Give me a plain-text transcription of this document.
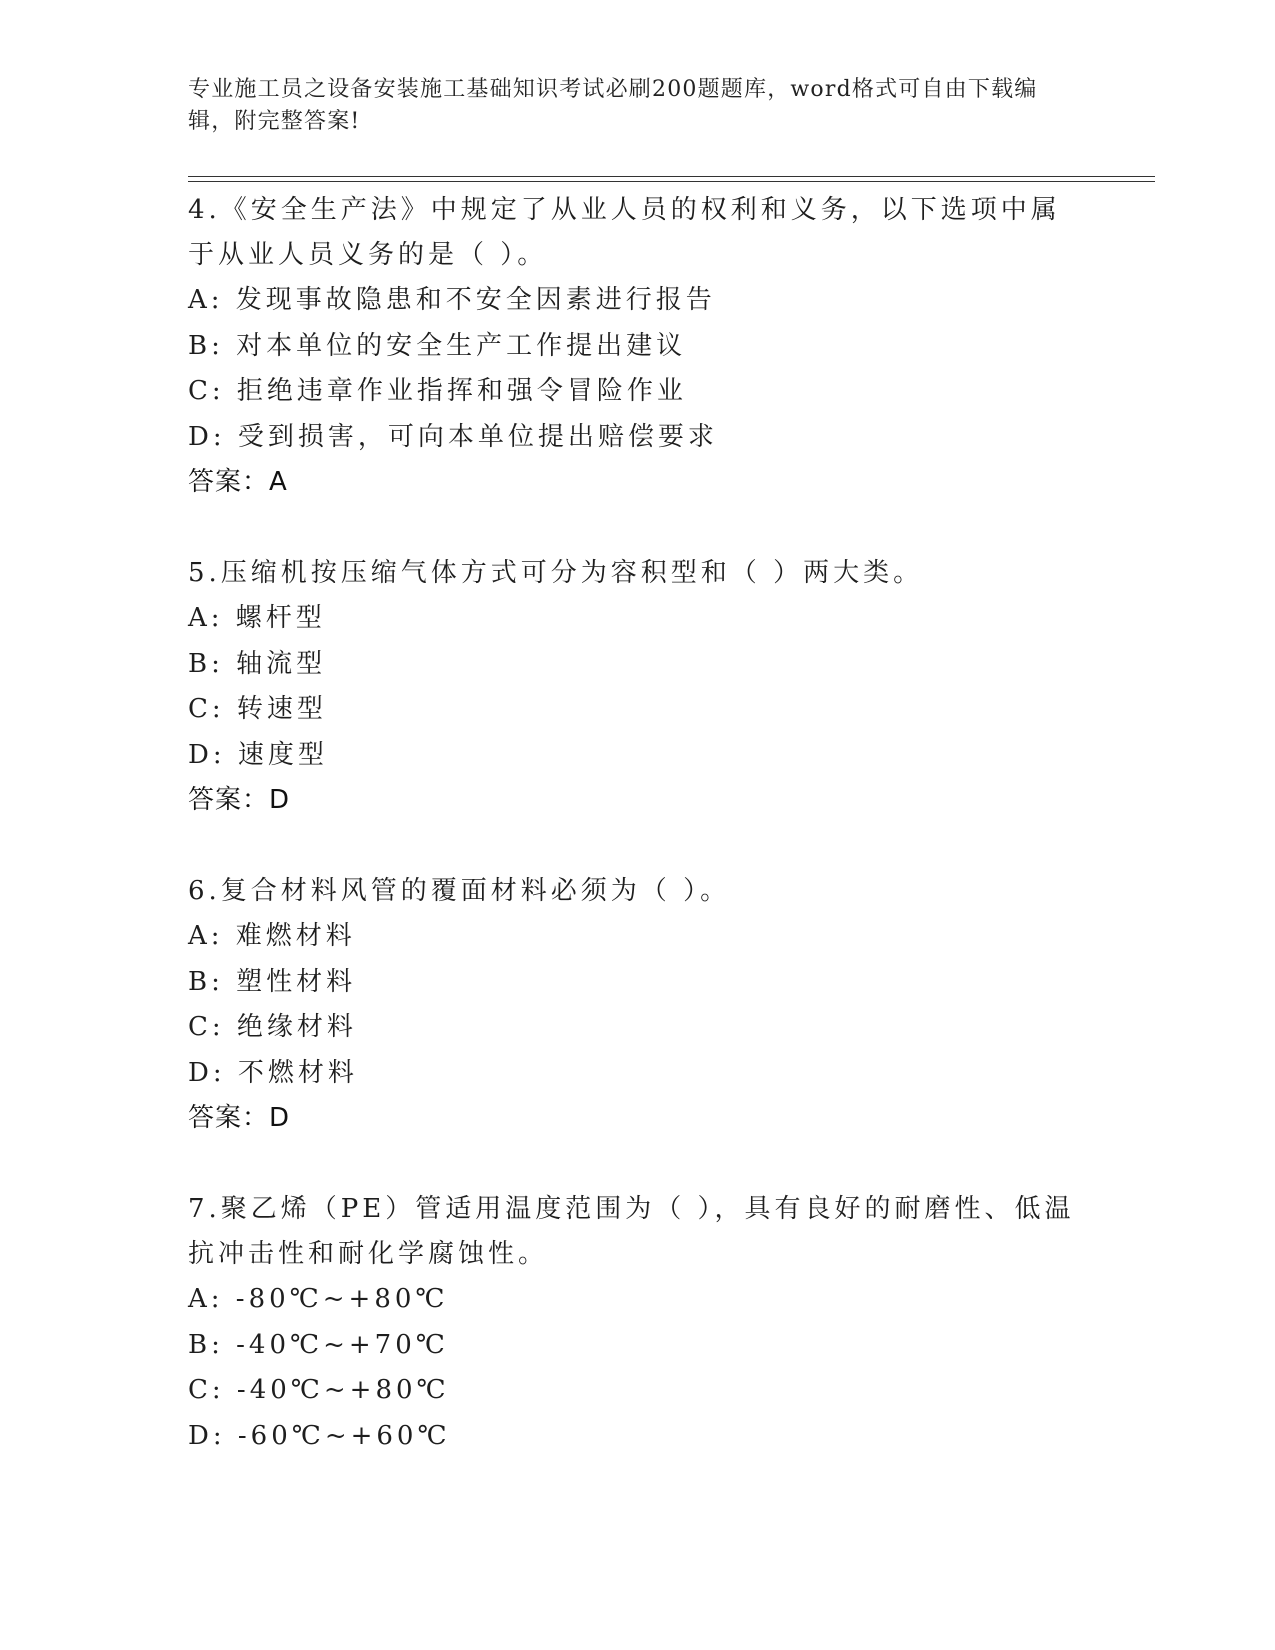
专业施工员之设备安装施工基础知识考试必刷200题题库，word格式可自由下载编辑，附完整答案!
4.《安全生产法》中规定了从业人员的权利和义务，以下选项中属于从业人员义务的是（ ）。
A: 发现事故隐患和不安全因素进行报告
B: 对本单位的安全生产工作提出建议
C: 拒绝违章作业指挥和强令冒险作业
D: 受到损害，可向本单位提出赔偿要求
答案：A
5.压缩机按压缩气体方式可分为容积型和（ ）两大类。
A: 螺杆型
B: 轴流型
C: 转速型
D: 速度型
答案：D
6.复合材料风管的覆面材料必须为（ ）。
A: 难燃材料
B: 塑性材料
C: 绝缘材料
D: 不燃材料
答案：D
7.聚乙烯（PE）管适用温度范围为（ ），具有良好的耐磨性、低温抗冲击性和耐化学腐蚀性。
A: -80℃~+80℃
B: -40℃~+70℃
C: -40℃~+80℃
D: -60℃~+60℃
